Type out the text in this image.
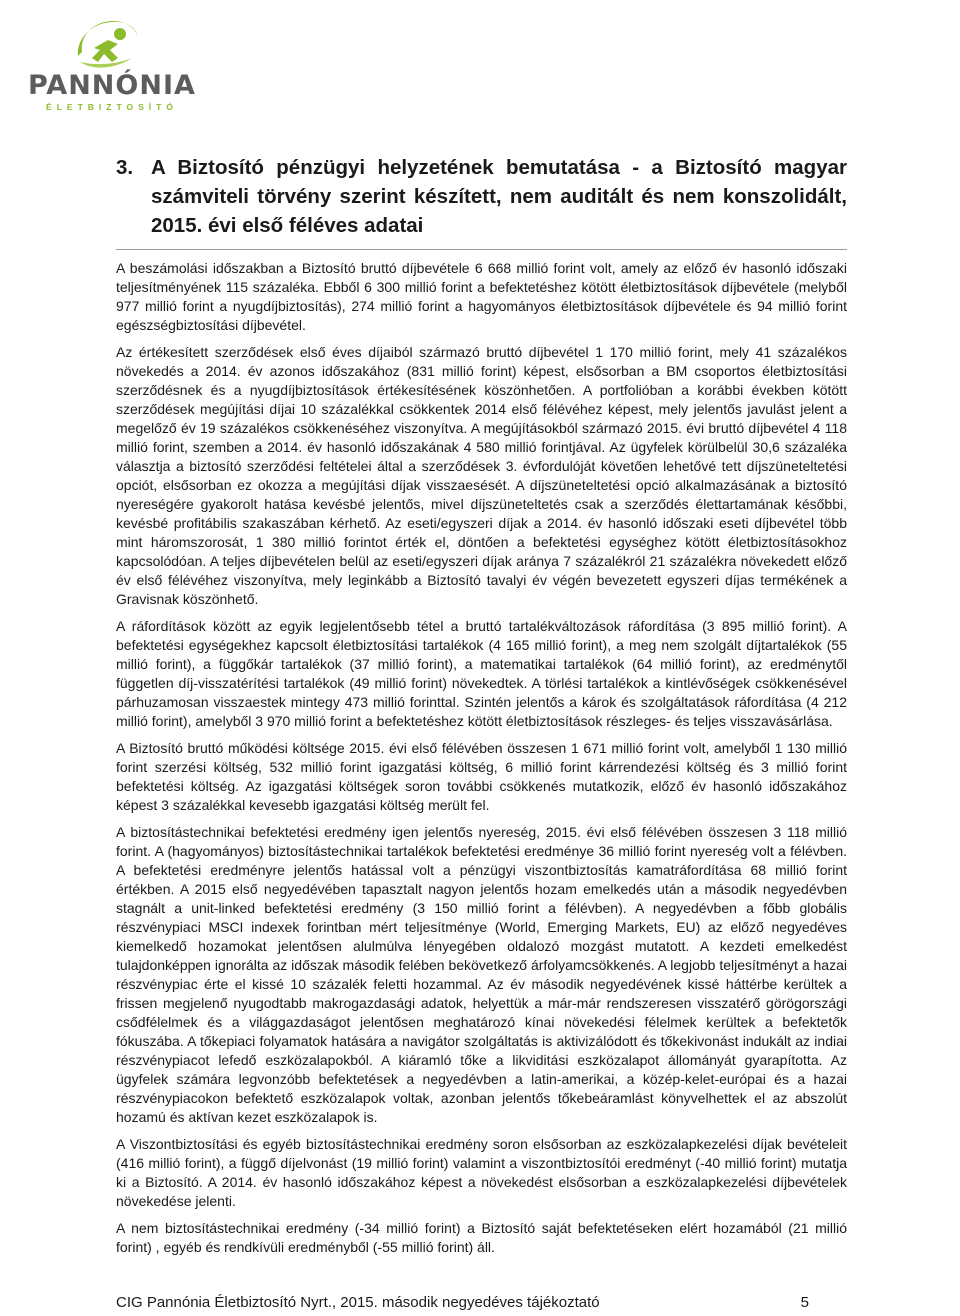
PANNÓNIA
ÉLETBIZTOSÍTÓ
3. A Biztosító pénzügyi helyzetének bemutatása - a Biztosító magyar számviteli törvény szerint készített, nem auditált és nem konszolidált, 2015. évi első féléves adatai

A beszámolási időszakban a Biztosító bruttó díjbevétele 6 668 millió forint volt, amely az előző év hasonló időszaki teljesítményének 115 százaléka. Ebből 6 300 millió forint a befektetéshez kötött életbiztosítások díjbevétele (melyből 977 millió forint a nyugdíjbiztosítás), 274 millió forint a hagyományos életbiztosítások díjbevétele és 94 millió forint egészségbiztosítási díjbevétel.

Az értékesített szerződések első éves díjaiból származó bruttó díjbevétel 1 170 millió forint, mely 41 százalékos növekedés a 2014. év azonos időszakához (831 millió forint) képest, elsősorban a BM csoportos életbiztosítási szerződésnek és a nyugdíjbiztosítások értékesítésének köszönhetően. A portfolióban a korábbi években kötött szerződések megújítási díjai 10 százalékkal csökkentek 2014 első félévéhez képest, mely jelentős javulást jelent a megelőző év 19 százalékos csökkenéséhez viszonyítva. A megújításokból származó 2015. évi bruttó díjbevétel 4 118 millió forint, szemben a 2014. év hasonló időszakának 4 580 millió forintjával. Az ügyfelek körülbelül 30,6 százaléka választja a biztosító szerződési feltételei által a szerződések 3. évfordulóját követően lehetővé tett díjszüneteltetési opciót, elsősorban ez okozza a megújítási díjak visszaesését. A díjszüneteltetési opció alkalmazásának a biztosító nyereségére gyakorolt hatása kevésbé jelentős, mivel díjszüneteltetés csak a szerződés élettartamának későbbi, kevésbé profitábilis szakaszában kérhető. Az eseti/egyszeri díjak a 2014. év hasonló időszaki eseti díjbevétel több mint háromszorosát, 1 380 millió forintot érték el, döntően a befektetési egységhez kötött életbiztosításokhoz kapcsolódóan. A teljes díjbevételen belül az eseti/egyszeri díjak aránya 7 százalékról 21 százalékra növekedett előző év első félévéhez viszonyítva, mely leginkább a Biztosító tavalyi év végén bevezetett egyszeri díjas termékének a Gravisnak köszönhető.

A ráfordítások között az egyik legjelentősebb tétel a bruttó tartalékváltozások ráfordítása (3 895 millió forint). A befektetési egységekhez kapcsolt életbiztosítási tartalékok (4 165 millió forint), a meg nem szolgált díjtartalékok (55 millió forint), a függőkár tartalékok (37 millió forint), a matematikai tartalékok (64 millió forint), az eredménytől független díj-visszatérítési tartalékok (49 millió forint) növekedtek. A törlési tartalékok a kintlévőségek csökkenésével párhuzamosan visszaestek mintegy 473 millió forinttal. Szintén jelentős a károk és szolgáltatások ráfordítása (4 212 millió forint), amelyből 3 970 millió forint a befektetéshez kötött életbiztosítások részleges- és teljes visszavásárlása.

A Biztosító bruttó működési költsége 2015. évi első félévében összesen 1 671 millió forint volt, amelyből 1 130 millió forint szerzési költség, 532 millió forint igazgatási költség, 6 millió forint kárrendezési költség és 3 millió forint befektetési költség. Az igazgatási költségek soron további csökkenés mutatkozik, előző év hasonló időszakához képest 3 százalékkal kevesebb igazgatási költség merült fel.

A biztosítástechnikai befektetési eredmény igen jelentős nyereség, 2015. évi első félévében összesen 3 118 millió forint. A (hagyományos) biztosítástechnikai tartalékok befektetési eredménye 36 millió forint nyereség volt a félévben. A befektetési eredményre jelentős hatással volt a pénzügyi viszontbiztosítás kamatráfordítása 68 millió forint értékben. A 2015 első negyedévében tapasztalt nagyon jelentős hozam emelkedés után a második negyedévben stagnált a unit-linked befektetési eredmény (3 150 millió forint a félévben). A negyedévben a főbb globális részvénypiaci MSCI indexek forintban mért teljesítménye (World, Emerging Markets, EU) az előző negyedéves kiemelkedő hozamokat jelentősen alulmúlva lényegében oldalozó mozgást mutatott. A kezdeti emelkedést tulajdonképpen ignorálta az időszak második felében bekövetkező árfolyamcsökkenés. A legjobb teljesítményt a hazai részvénypiac érte el kissé 10 százalék feletti hozammal. Az év második negyedévének kissé háttérbe kerültek a frissen megjelenő nyugodtabb makrogazdasági adatok, helyettük a már-már rendszeresen visszatérő görögországi csődfélelmek és a világgazdaságot jelentősen meghatározó kínai növekedési félelmek kerültek a befektetők fókuszába. A tőkepiaci folyamatok hatására a navigátor szolgáltatás is aktivizálódott és tőkekivonást indukált az indiai részvénypiacot lefedő eszközalapokból. A kiáramló tőke a likviditási eszközalapot állományát gyarapította. Az ügyfelek számára legvonzóbb befektetések a negyedévben a latin-amerikai, a közép-kelet-európai és a hazai részvénypiacokon befektető eszközalapok voltak, azonban jelentős tőkebeáramlást könyvelhettek el az abszolút hozamú és aktívan kezet eszközalapok is.

A Viszontbiztosítási és egyéb biztosítástechnikai eredmény soron elsősorban az eszközalapkezelési díjak bevételeit (416 millió forint), a függő díjelvonást (19 millió forint) valamint a viszontbiztosítói eredményt (-40 millió forint) mutatja ki a Biztosító. A 2014. év hasonló időszakához képest a növekedést elsősorban a eszközalapkezelési díjbevételek növekedése jelenti.

A nem biztosítástechnikai eredmény (-34 millió forint) a Biztosító saját befektetéseken elért hozamából (21 millió forint) , egyéb és rendkívüli eredményből (-55 millió forint) áll.

CIG Pannónia Életbiztosító Nyrt., 2015. második negyedéves tájékoztató	5
